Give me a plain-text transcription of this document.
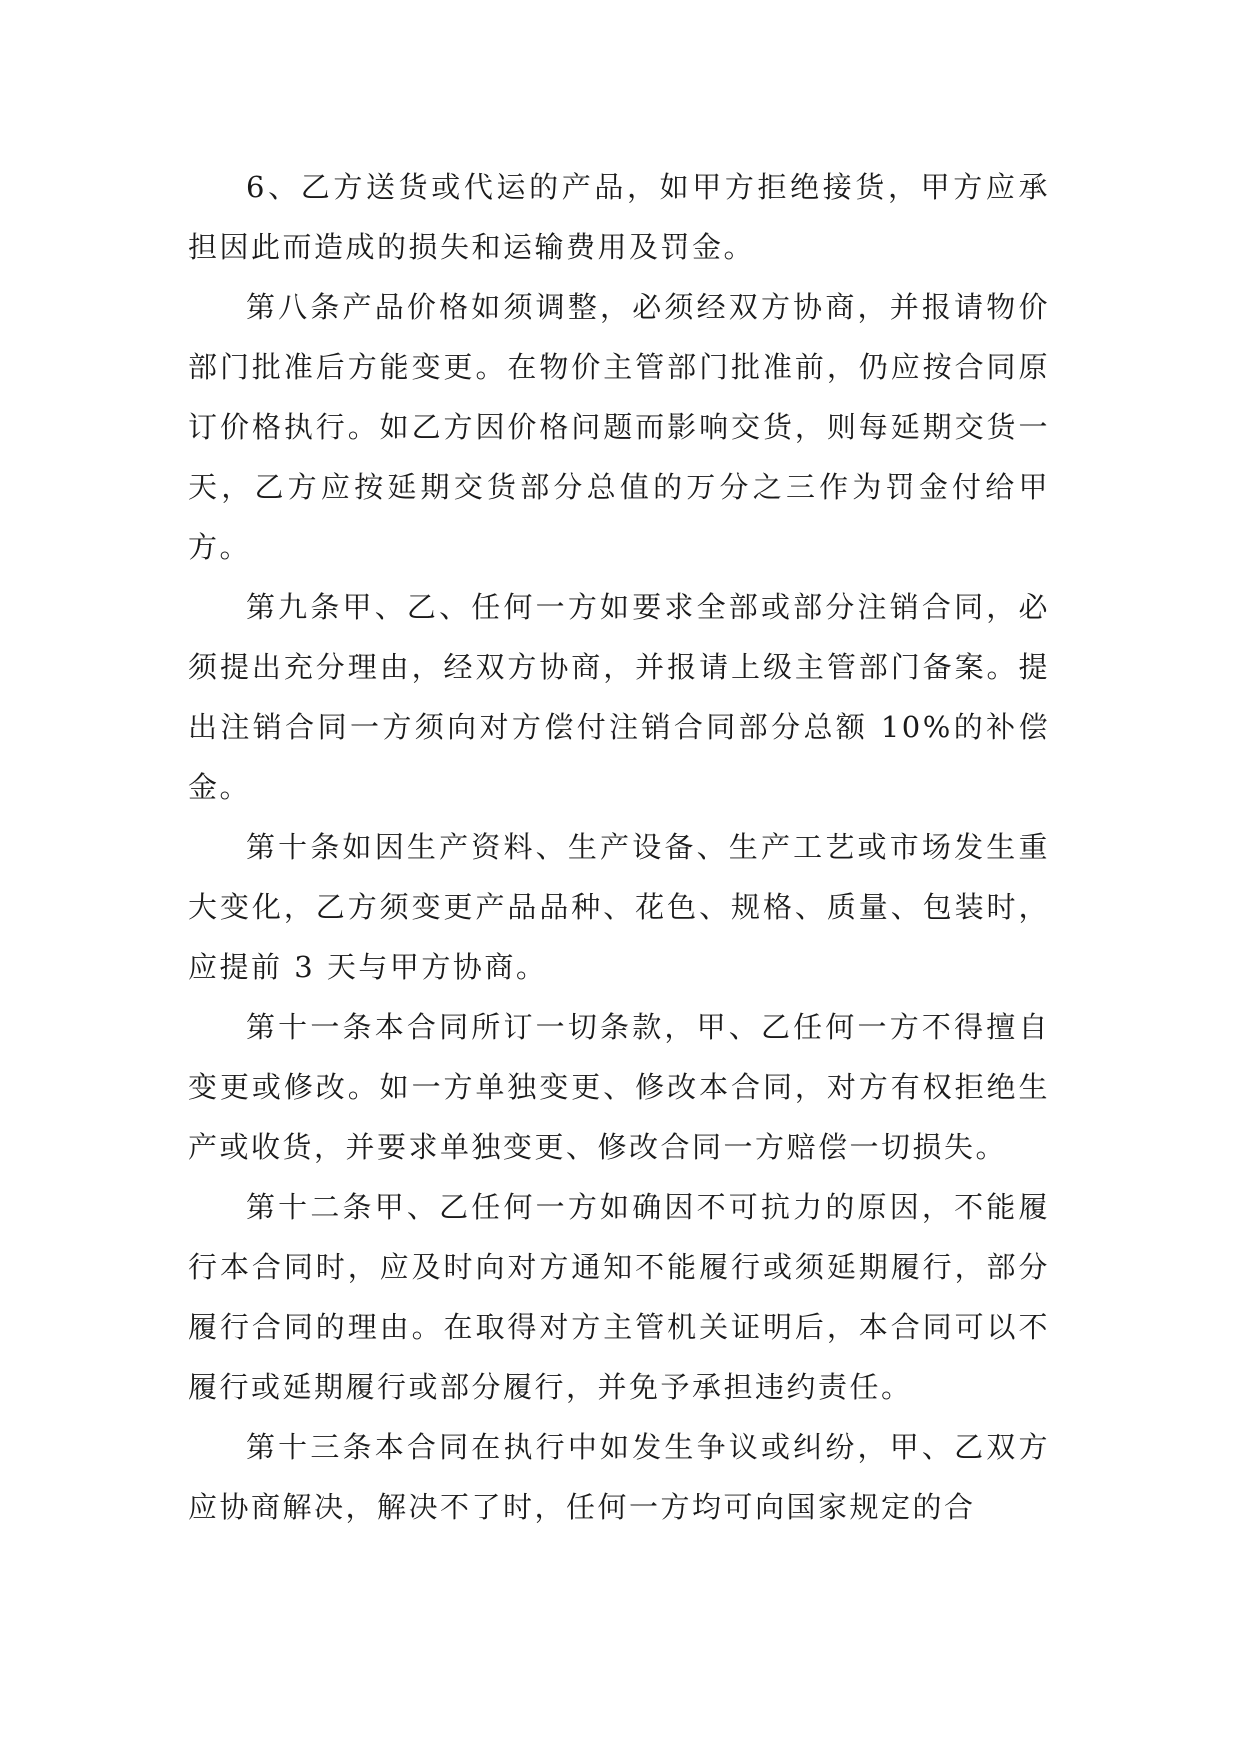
6、乙方送货或代运的产品，如甲方拒绝接货，甲方应承担因此而造成的损失和运输费用及罚金。

第八条产品价格如须调整，必须经双方协商，并报请物价部门批准后方能变更。在物价主管部门批准前，仍应按合同原订价格执行。如乙方因价格问题而影响交货，则每延期交货一天，乙方应按延期交货部分总值的万分之三作为罚金付给甲方。

第九条甲、乙、任何一方如要求全部或部分注销合同，必须提出充分理由，经双方协商，并报请上级主管部门备案。提出注销合同一方须向对方偿付注销合同部分总额 10%的补偿金。

第十条如因生产资料、生产设备、生产工艺或市场发生重大变化，乙方须变更产品品种、花色、规格、质量、包装时，应提前 3 天与甲方协商。

第十一条本合同所订一切条款，甲、乙任何一方不得擅自变更或修改。如一方单独变更、修改本合同，对方有权拒绝生产或收货，并要求单独变更、修改合同一方赔偿一切损失。

第十二条甲、乙任何一方如确因不可抗力的原因，不能履行本合同时，应及时向对方通知不能履行或须延期履行，部分履行合同的理由。在取得对方主管机关证明后，本合同可以不履行或延期履行或部分履行，并免予承担违约责任。

第十三条本合同在执行中如发生争议或纠纷，甲、乙双方应协商解决，解决不了时，任何一方均可向国家规定的合
